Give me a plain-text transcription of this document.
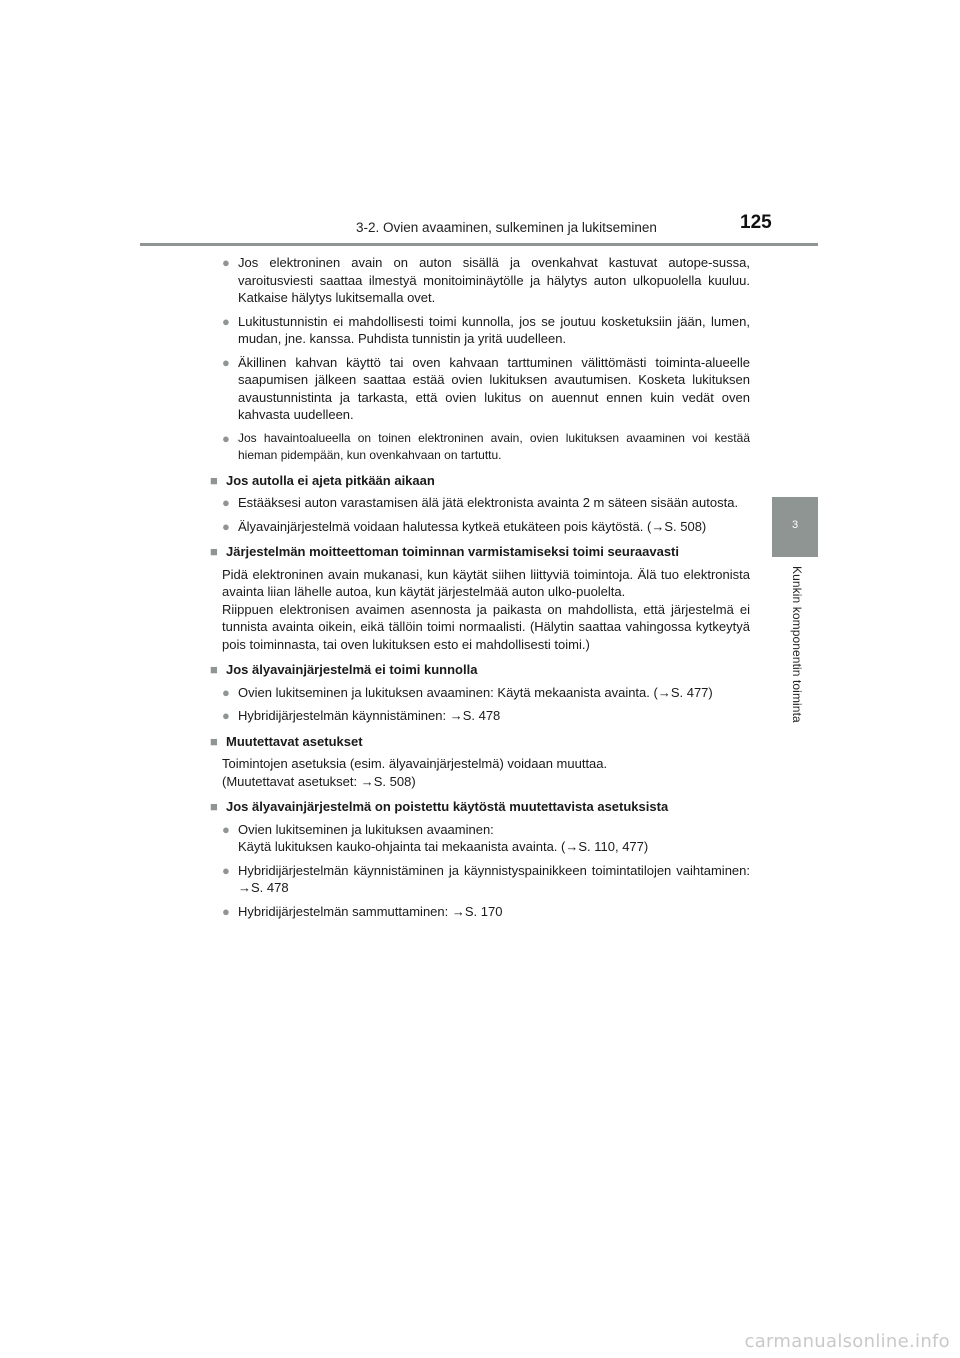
3-2. Ovien avaaminen, sulkeminen ja lukitseminen	125
3
Kunkin komponentin toiminta
● Jos elektroninen avain on auton sisällä ja ovenkahvat kastuvat autope-sussa, varoitusviesti saattaa ilmestyä monitoiminäytölle ja hälytys auton ulkopuolella kuuluu. Katkaise hälytys lukitsemalla ovet.
● Lukitustunnistin ei mahdollisesti toimi kunnolla, jos se joutuu kosketuksiin jään, lumen, mudan, jne. kanssa. Puhdista tunnistin ja yritä uudelleen.
● Äkillinen kahvan käyttö tai oven kahvaan tarttuminen välittömästi toiminta-alueelle saapumisen jälkeen saattaa estää ovien lukituksen avautumisen. Kosketa lukituksen avaustunnistinta ja tarkasta, että ovien lukitus on auennut ennen kuin vedät oven kahvasta uudelleen.
● Jos havaintoalueella on toinen elektroninen avain, ovien lukituksen avaaminen voi kestää hieman pidempään, kun ovenkahvaan on tartuttu.
■ Jos autolla ei ajeta pitkään aikaan
● Estääksesi auton varastamisen älä jätä elektronista avainta 2 m säteen sisään autosta.
● Älyavainjärjestelmä voidaan halutessa kytkeä etukäteen pois käytöstä. (→S. 508)
■ Järjestelmän moitteettoman toiminnan varmistamiseksi toimi seuraavasti
Pidä elektroninen avain mukanasi, kun käytät siihen liittyviä toimintoja. Älä tuo elektronista avainta liian lähelle autoa, kun käytät järjestelmää auton ulko-puolelta.
Riippuen elektronisen avaimen asennosta ja paikasta on mahdollista, että järjestelmä ei tunnista avainta oikein, eikä tällöin toimi normaalisti. (Hälytin saattaa vahingossa kytkeytyä pois toiminnasta, tai oven lukituksen esto ei mahdollisesti toimi.)
■ Jos älyavainjärjestelmä ei toimi kunnolla
● Ovien lukitseminen ja lukituksen avaaminen: Käytä mekaanista avainta. (→S. 477)
● Hybridijärjestelmän käynnistäminen: →S. 478
■ Muutettavat asetukset
Toimintojen asetuksia (esim. älyavainjärjestelmä) voidaan muuttaa.
(Muutettavat asetukset: →S. 508)
■ Jos älyavainjärjestelmä on poistettu käytöstä muutettavista asetuksista
● Ovien lukitseminen ja lukituksen avaaminen:
Käytä lukituksen kauko-ohjainta tai mekaanista avainta. (→S. 110, 477)
● Hybridijärjestelmän käynnistäminen ja käynnistyspainikkeen toimintatilojen vaihtaminen: →S. 478
● Hybridijärjestelmän sammuttaminen: →S. 170
carmanualsonline.info
